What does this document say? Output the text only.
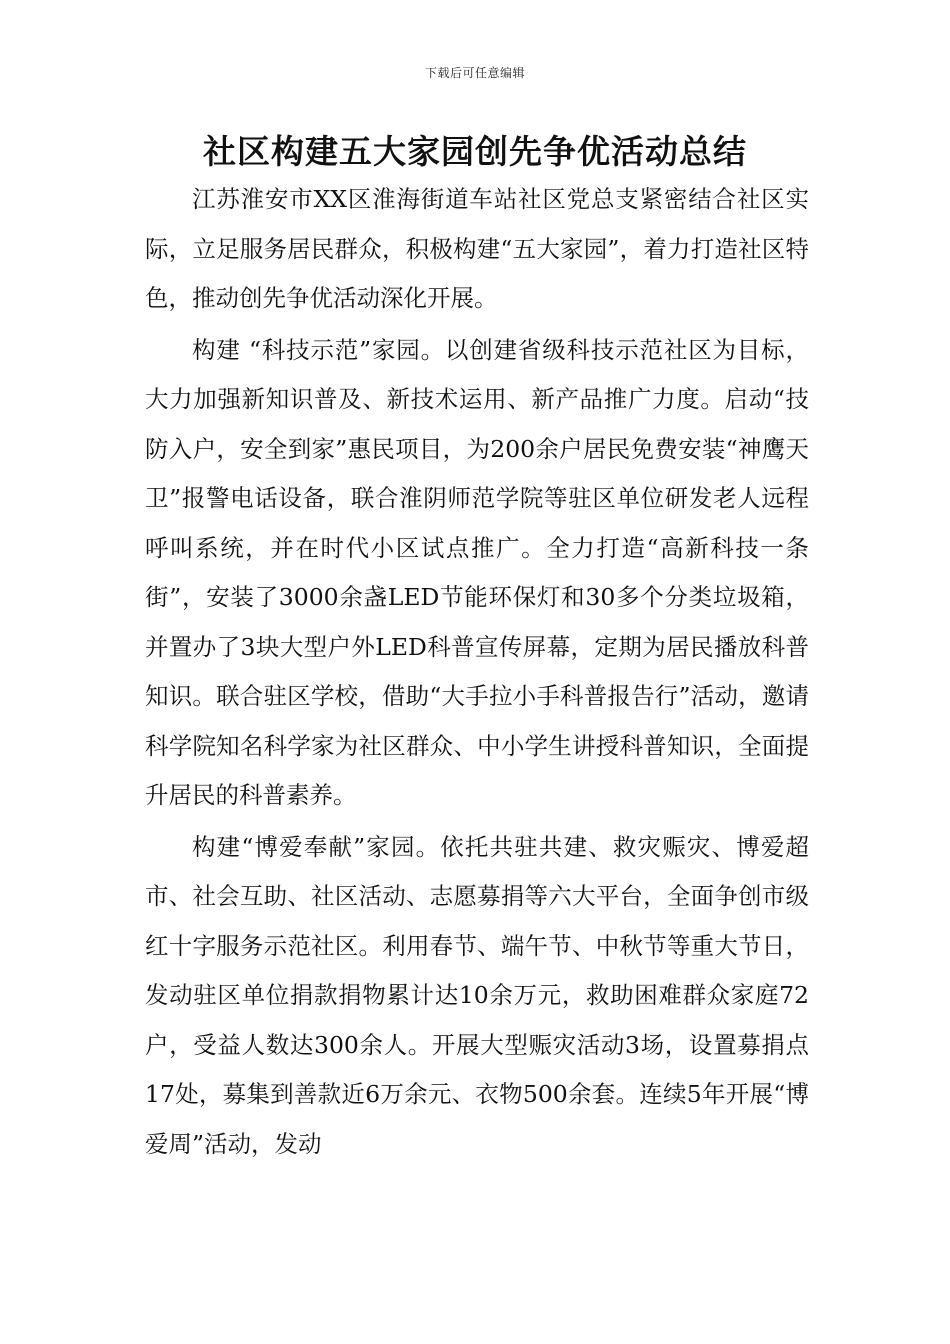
下载后可任意编辑
社区构建五大家园创先争优活动总结

江苏淮安市XX区淮海街道车站社区党总支紧密结合社区实际，立足服务居民群众，积极构建“五大家园”，着力打造社区特色，推动创先争优活动深化开展。

构建 “科技示范”家园。以创建省级科技示范社区为目标，大力加强新知识普及、新技术运用、新产品推广力度。启动“技防入户，安全到家”惠民项目，为200余户居民免费安装“神鹰天卫”报警电话设备，联合淮阴师范学院等驻区单位研发老人远程呼叫系统，并在时代小区试点推广。全力打造“高新科技一条街”，安装了3000余盏LED节能环保灯和30多个分类垃圾箱，并置办了3块大型户外LED科普宣传屏幕，定期为居民播放科普知识。联合驻区学校，借助“大手拉小手科普报告行”活动，邀请科学院知名科学家为社区群众、中小学生讲授科普知识，全面提升居民的科普素养。

构建“博爱奉献”家园。依托共驻共建、救灾赈灾、博爱超市、社会互助、社区活动、志愿募捐等六大平台，全面争创市级红十字服务示范社区。利用春节、端午节、中秋节等重大节日，发动驻区单位捐款捐物累计达10余万元，救助困难群众家庭72户，受益人数达300余人。开展大型赈灾活动3场，设置募捐点17处，募集到善款近6万余元、衣物500余套。连续5年开展“博爱周”活动，发动
